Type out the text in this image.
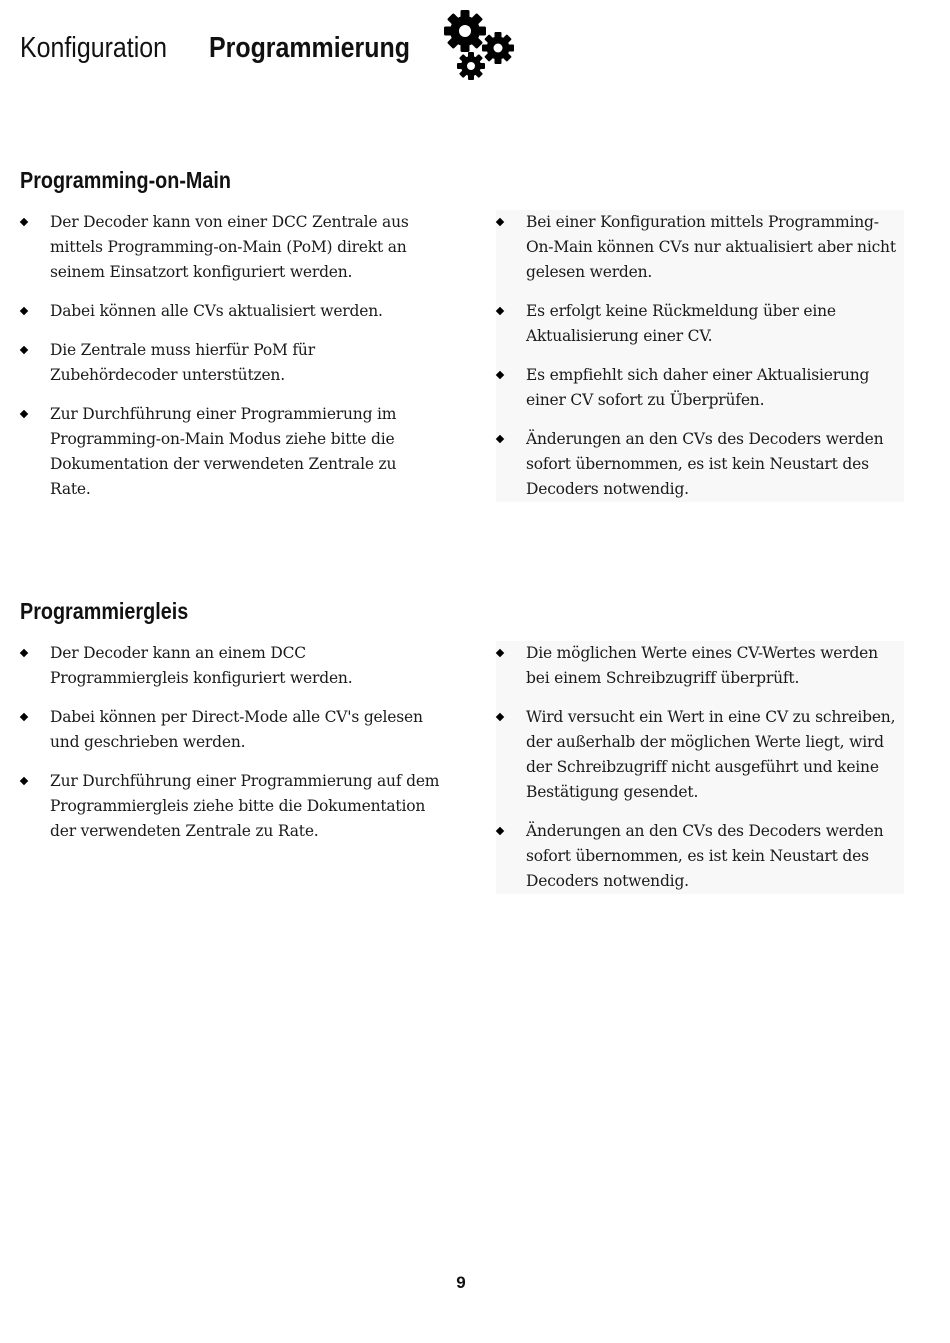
Konfiguration Programmierung
Programming-on-Main
Der Decoder kann von einer DCC Zentrale aus mittels Programming-on-Main (PoM) direkt an seinem Einsatzort konfiguriert werden.
Dabei können alle CVs aktualisiert werden.
Die Zentrale muss hierfür PoM für Zubehördecoder unterstützen.
Zur Durchführung einer Programmierung im Programming-on-Main Modus ziehe bitte die Dokumentation der verwendeten Zentrale zu Rate.
Bei einer Konfiguration mittels Programming-On-Main können CVs nur aktualisiert aber nicht gelesen werden.
Es erfolgt keine Rückmeldung über eine Aktualisierung einer CV.
Es empfiehlt sich daher einer Aktualisierung einer CV sofort zu Überprüfen.
Änderungen an den CVs des Decoders werden sofort übernommen, es ist kein Neustart des Decoders notwendig.
Programmiergleis
Der Decoder kann an einem DCC Programmiergleis konfiguriert werden.
Dabei können per Direct-Mode alle CV's gelesen und geschrieben werden.
Zur Durchführung einer Programmierung auf dem Programmiergleis ziehe bitte die Dokumentation der verwendeten Zentrale zu Rate.
Die möglichen Werte eines CV-Wertes werden bei einem Schreibzugriff überprüft.
Wird versucht ein Wert in eine CV zu schreiben, der außerhalb der möglichen Werte liegt, wird der Schreibzugriff nicht ausgeführt und keine Bestätigung gesendet.
Änderungen an den CVs des Decoders werden sofort übernommen, es ist kein Neustart des Decoders notwendig.
9
